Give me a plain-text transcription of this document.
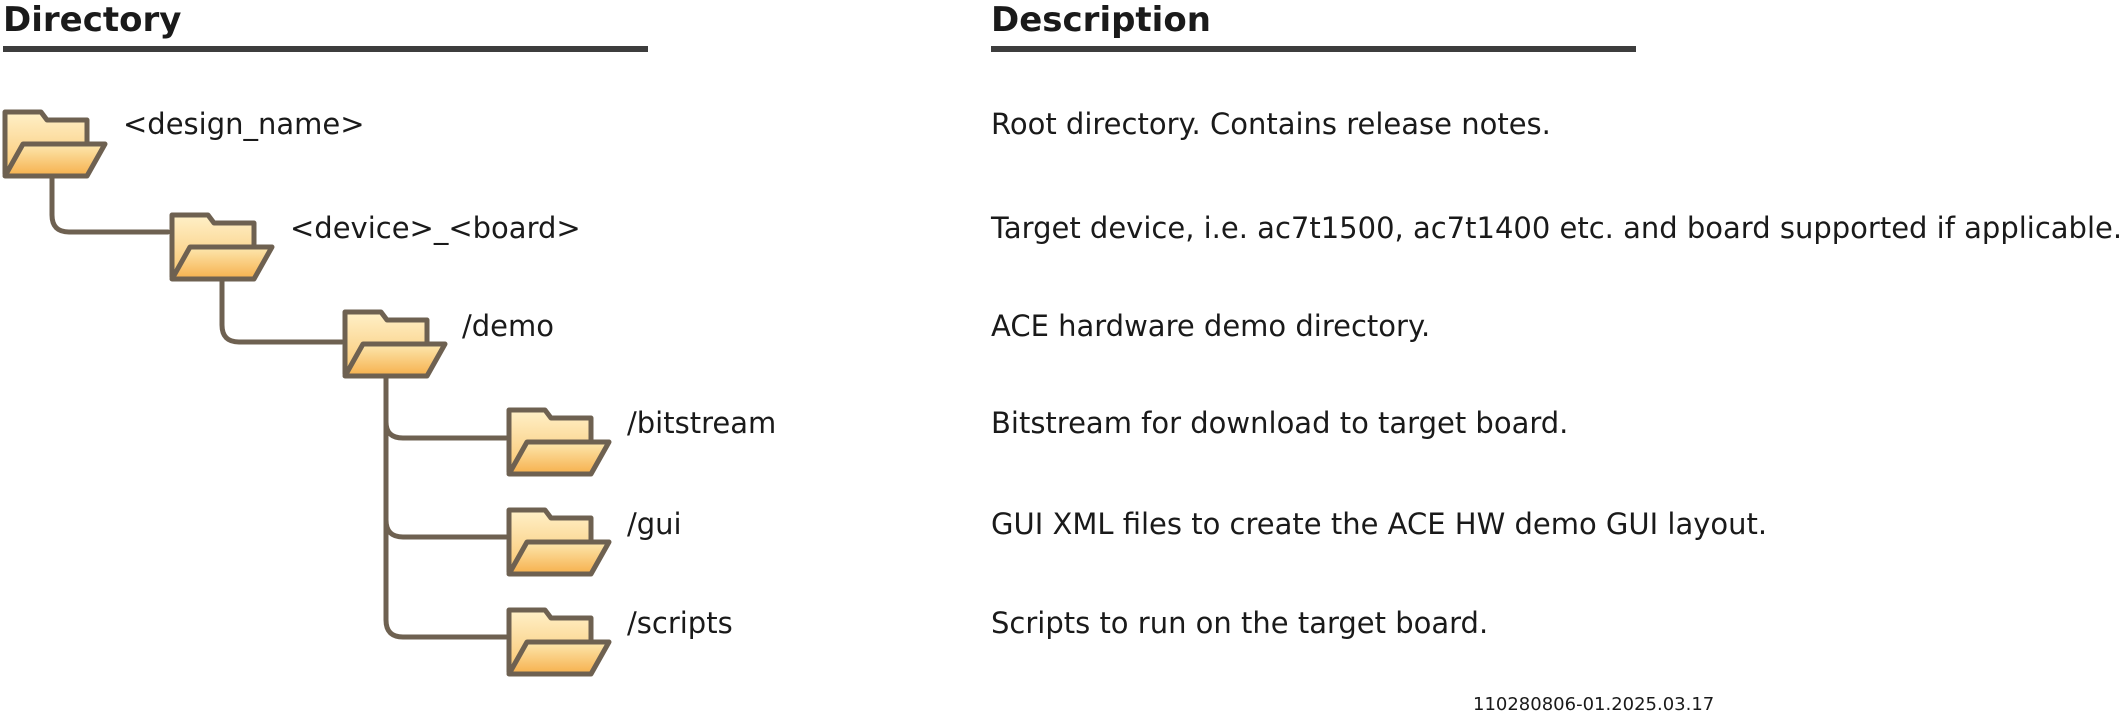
Directory	Description
<design_name>	Root directory. Contains release notes.
<device>_<board>	Target device, i.e. ac7t1500, ac7t1400 etc. and board supported if applicable.
/demo	ACE hardware demo directory.
/bitstream	Bitstream for download to target board.
/gui	GUI XML files to create the ACE HW demo GUI layout.
/scripts	Scripts to run on the target board.
110280806-01.2025.03.17
